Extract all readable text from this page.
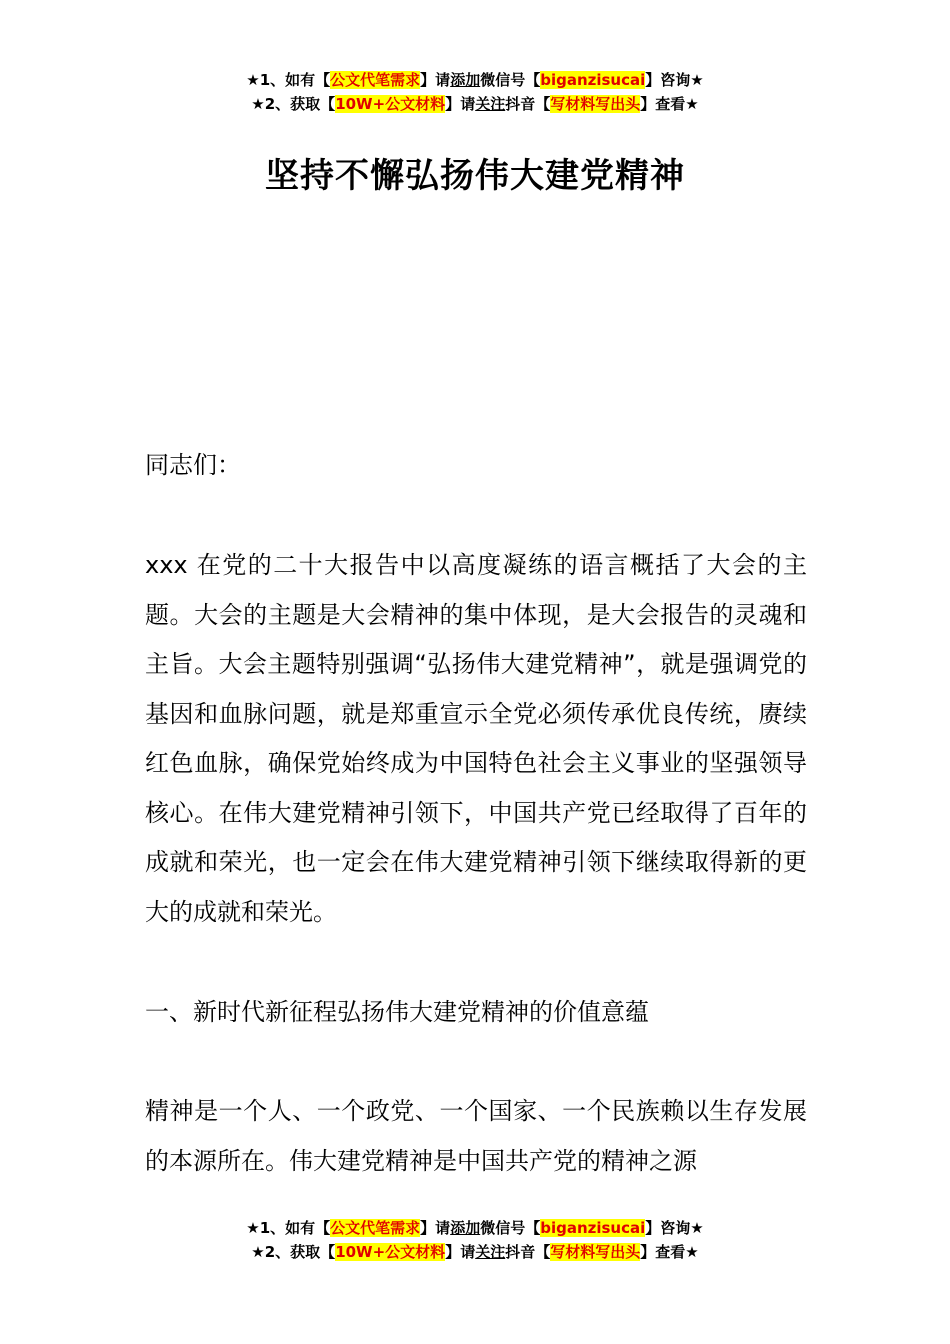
★1、如有【公文代笔需求】请添加微信号【biganzisucai】咨询★
★2、获取【10W+公文材料】请关注抖音【写材料写出头】查看★
坚持不懈弘扬伟大建党精神
同志们：

xxx 在党的二十大报告中以高度凝练的语言概括了大会的主题。大会的主题是大会精神的集中体现，是大会报告的灵魂和主旨。大会主题特别强调“弘扬伟大建党精神”，就是强调党的基因和血脉问题，就是郑重宣示全党必须传承优良传统，赓续红色血脉，确保党始终成为中国特色社会主义事业的坚强领导核心。在伟大建党精神引领下，中国共产党已经取得了百年的成就和荣光，也一定会在伟大建党精神引领下继续取得新的更大的成就和荣光。

一、新时代新征程弘扬伟大建党精神的价值意蕴

精神是一个人、一个政党、一个国家、一个民族赖以生存发展的本源所在。伟大建党精神是中国共产党的精神之源

★1、如有【公文代笔需求】请添加微信号【biganzisucai】咨询★
★2、获取【10W+公文材料】请关注抖音【写材料写出头】查看★
